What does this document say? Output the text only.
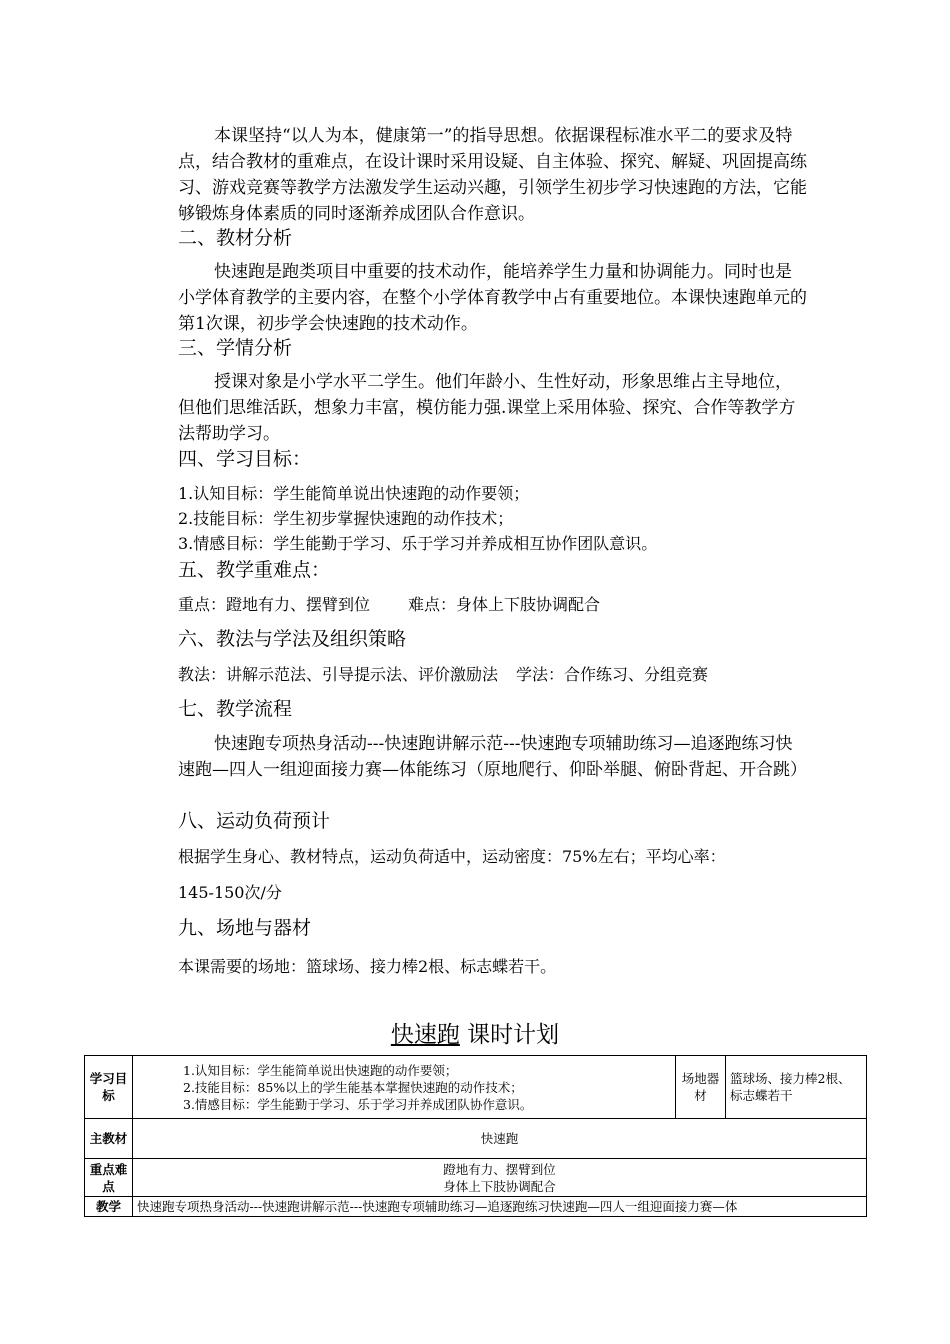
本课坚持“以人为本，健康第一”的指导思想。依据课程标准水平二的要求及特点，结合教材的重难点，在设计课时采用设疑、自主体验、探究、解疑、巩固提高练习、游戏竞赛等教学方法激发学生运动兴趣，引领学生初步学习快速跑的方法，它能够锻炼身体素质的同时逐渐养成团队合作意识。

二、教材分析

快速跑是跑类项目中重要的技术动作，能培养学生力量和协调能力。同时也是小学体育教学的主要内容，在整个小学体育教学中占有重要地位。本课快速跑单元的第1次课，初步学会快速跑的技术动作。

三、学情分析

授课对象是小学水平二学生。他们年龄小、生性好动，形象思维占主导地位，但他们思维活跃，想象力丰富，模仿能力强.课堂上采用体验、探究、合作等教学方法帮助学习。

四、学习目标：
1.认知目标：学生能简单说出快速跑的动作要领；
2.技能目标：学生初步掌握快速跑的动作技术；
3.情感目标：学生能勤于学习、乐于学习并养成相互协作团队意识。
五、教学重难点：
重点：蹬地有力、摆臂到位 难点：身体上下肢协调配合
六、教法与学法及组织策略
教法：讲解示范法、引导提示法、评价激励法 学法：合作练习、分组竞赛
七、教学流程

快速跑专项热身活动---快速跑讲解示范---快速跑专项辅助练习—追逐跑练习快速跑—四人一组迎面接力赛—体能练习（原地爬行、仰卧举腿、俯卧背起、开合跳）

八、运动负荷预计
根据学生身心、教材特点，运动负荷适中，运动密度：75%左右；平均心率：
145-150次/分
九、场地与器材
本课需要的场地：篮球场、接力棒2根、标志蝶若干。
快速跑 课时计划
学习目标	1.认知目标：学生能简单说出快速跑的动作要领；
2.技能目标：85%以上的学生能基本掌握快速跑的动作技术；
3.情感目标：学生能勤于学习、乐于学习并养成团队协作意识。	场地器材	篮球场、接力棒2根、标志蝶若干
主教材	快速跑		
重点难点	蹬地有力、摆臂到位
身体上下肢协调配合		

教学	快速跑专项热身活动---快速跑讲解示范---快速跑专项辅助练习—追逐跑练习快速跑—四人一组迎面接力赛—体		
